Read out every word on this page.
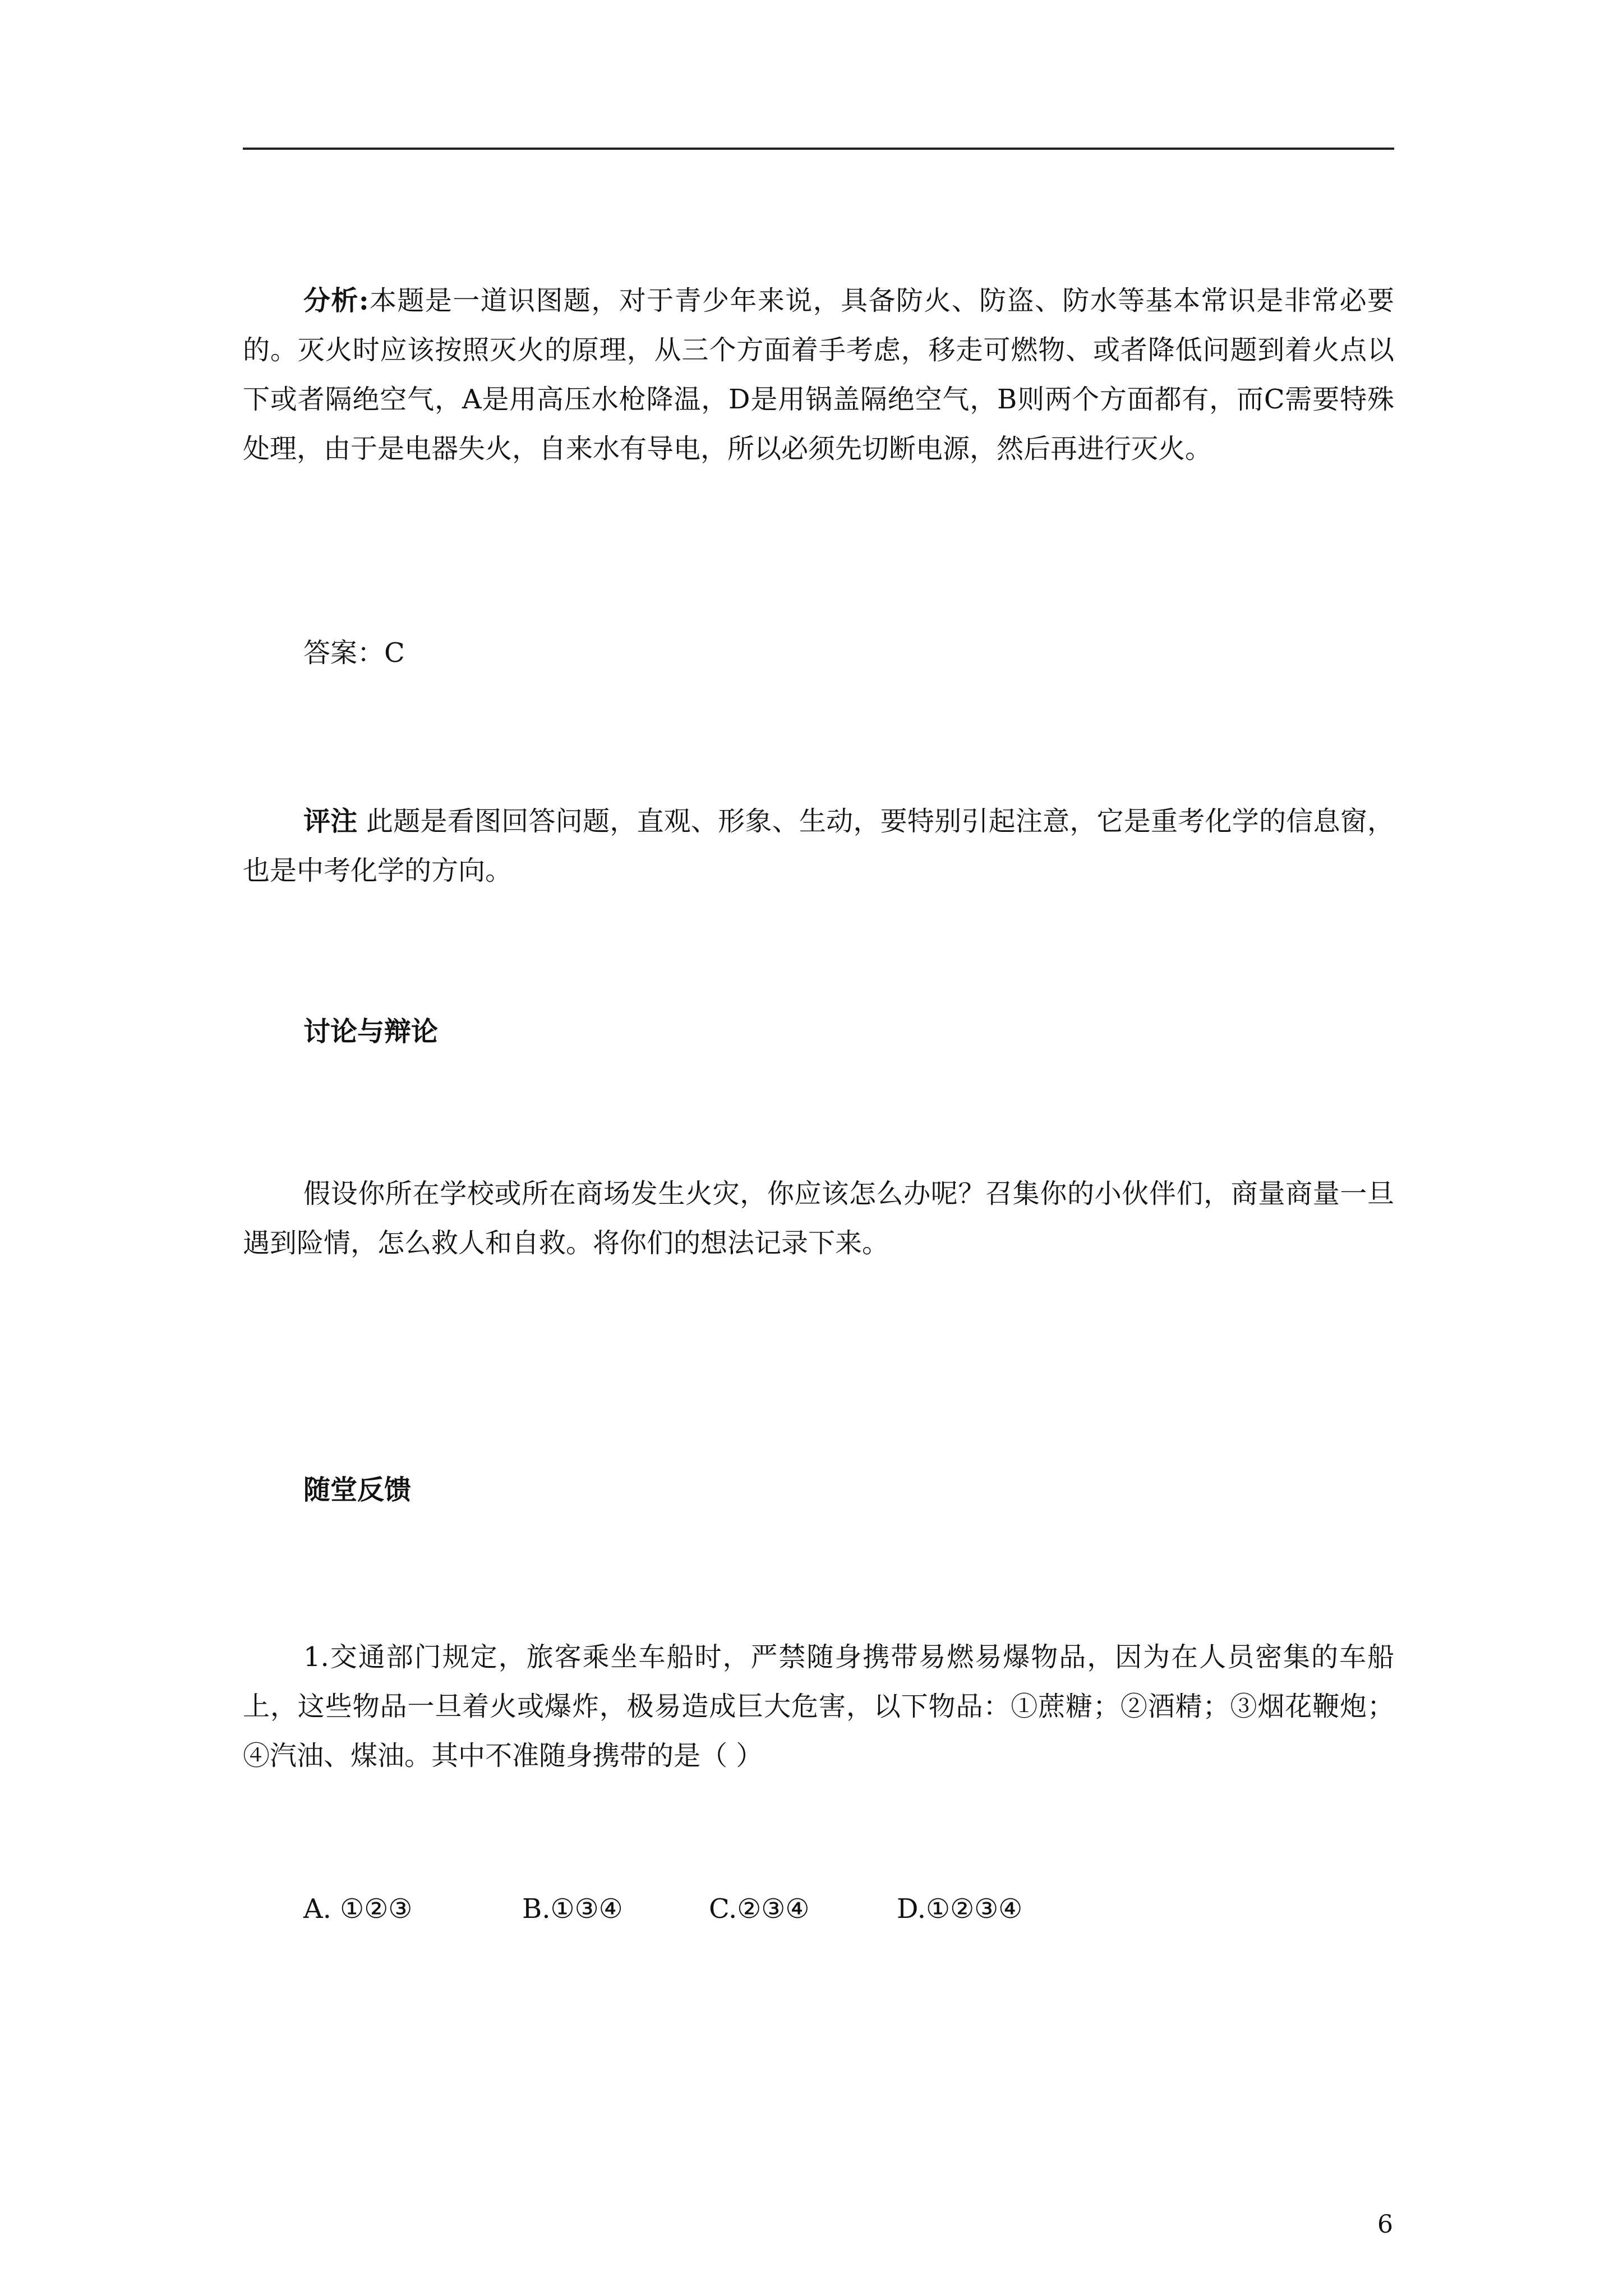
分析:本题是一道识图题，对于青少年来说，具备防火、防盗、防水等基本常识是非常必要的。灭火时应该按照灭火的原理，从三个方面着手考虑，移走可燃物、或者降低问题到着火点以下或者隔绝空气，A是用高压水枪降温，D是用锅盖隔绝空气，B则两个方面都有，而C需要特殊处理，由于是电器失火，自来水有导电，所以必须先切断电源，然后再进行灭火。

答案：C

评注 此题是看图回答问题，直观、形象、生动，要特别引起注意，它是重考化学的信息窗，也是中考化学的方向。

讨论与辩论

假设你所在学校或所在商场发生火灾，你应该怎么办呢？召集你的小伙伴们，商量商量一旦遇到险情，怎么救人和自救。将你们的想法记录下来。

随堂反馈

1.交通部门规定，旅客乘坐车船时，严禁随身携带易燃易爆物品，因为在人员密集的车船上，这些物品一旦着火或爆炸，极易造成巨大危害，以下物品：①蔗糖；②酒精；③烟花鞭炮；④汽油、煤油。其中不准随身携带的是（ ）

A. ①②③	B.①③④	C.②③④	D.①②③④
6
